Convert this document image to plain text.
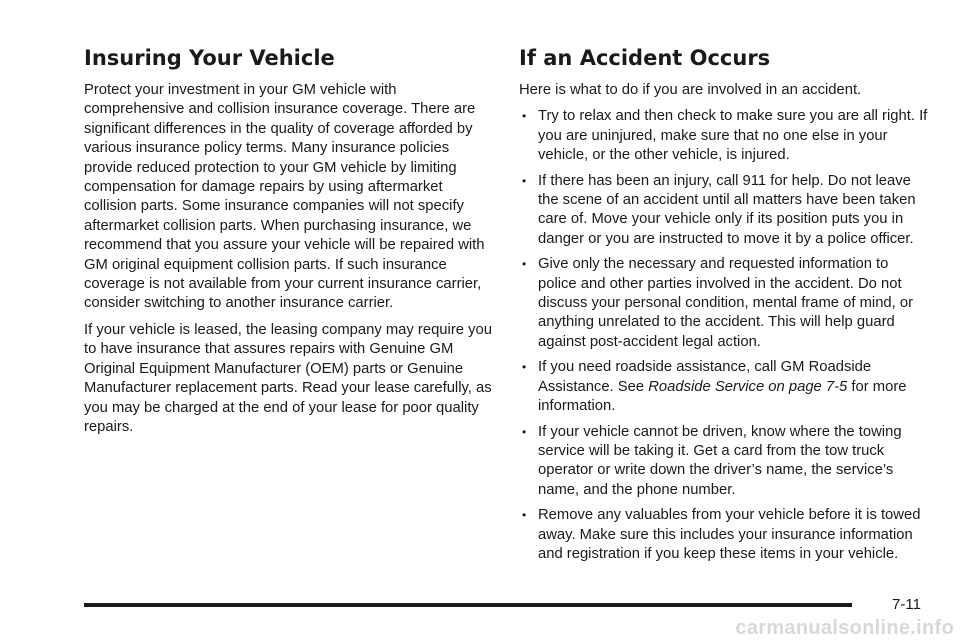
Insuring Your Vehicle

Protect your investment in your GM vehicle with comprehensive and collision insurance coverage. There are significant differences in the quality of coverage afforded by various insurance policy terms. Many insurance policies provide reduced protection to your GM vehicle by limiting compensation for damage repairs by using aftermarket collision parts. Some insurance companies will not specify aftermarket collision parts. When purchasing insurance, we recommend that you assure your vehicle will be repaired with GM original equipment collision parts. If such insurance coverage is not available from your current insurance carrier, consider switching to another insurance carrier.

If your vehicle is leased, the leasing company may require you to have insurance that assures repairs with Genuine GM Original Equipment Manufacturer (OEM) parts or Genuine Manufacturer replacement parts. Read your lease carefully, as you may be charged at the end of your lease for poor quality repairs.

If an Accident Occurs

Here is what to do if you are involved in an accident.

• Try to relax and then check to make sure you are all right. If you are uninjured, make sure that no one else in your vehicle, or the other vehicle, is injured.
• If there has been an injury, call 911 for help. Do not leave the scene of an accident until all matters have been taken care of. Move your vehicle only if its position puts you in danger or you are instructed to move it by a police officer.
• Give only the necessary and requested information to police and other parties involved in the accident. Do not discuss your personal condition, mental frame of mind, or anything unrelated to the accident. This will help guard against post-accident legal action.
• If you need roadside assistance, call GM Roadside Assistance. See Roadside Service on page 7-5 for more information.
• If your vehicle cannot be driven, know where the towing service will be taking it. Get a card from the tow truck operator or write down the driver’s name, the service’s name, and the phone number.
• Remove any valuables from your vehicle before it is towed away. Make sure this includes your insurance information and registration if you keep these items in your vehicle.
7-11
carmanualsonline.info
